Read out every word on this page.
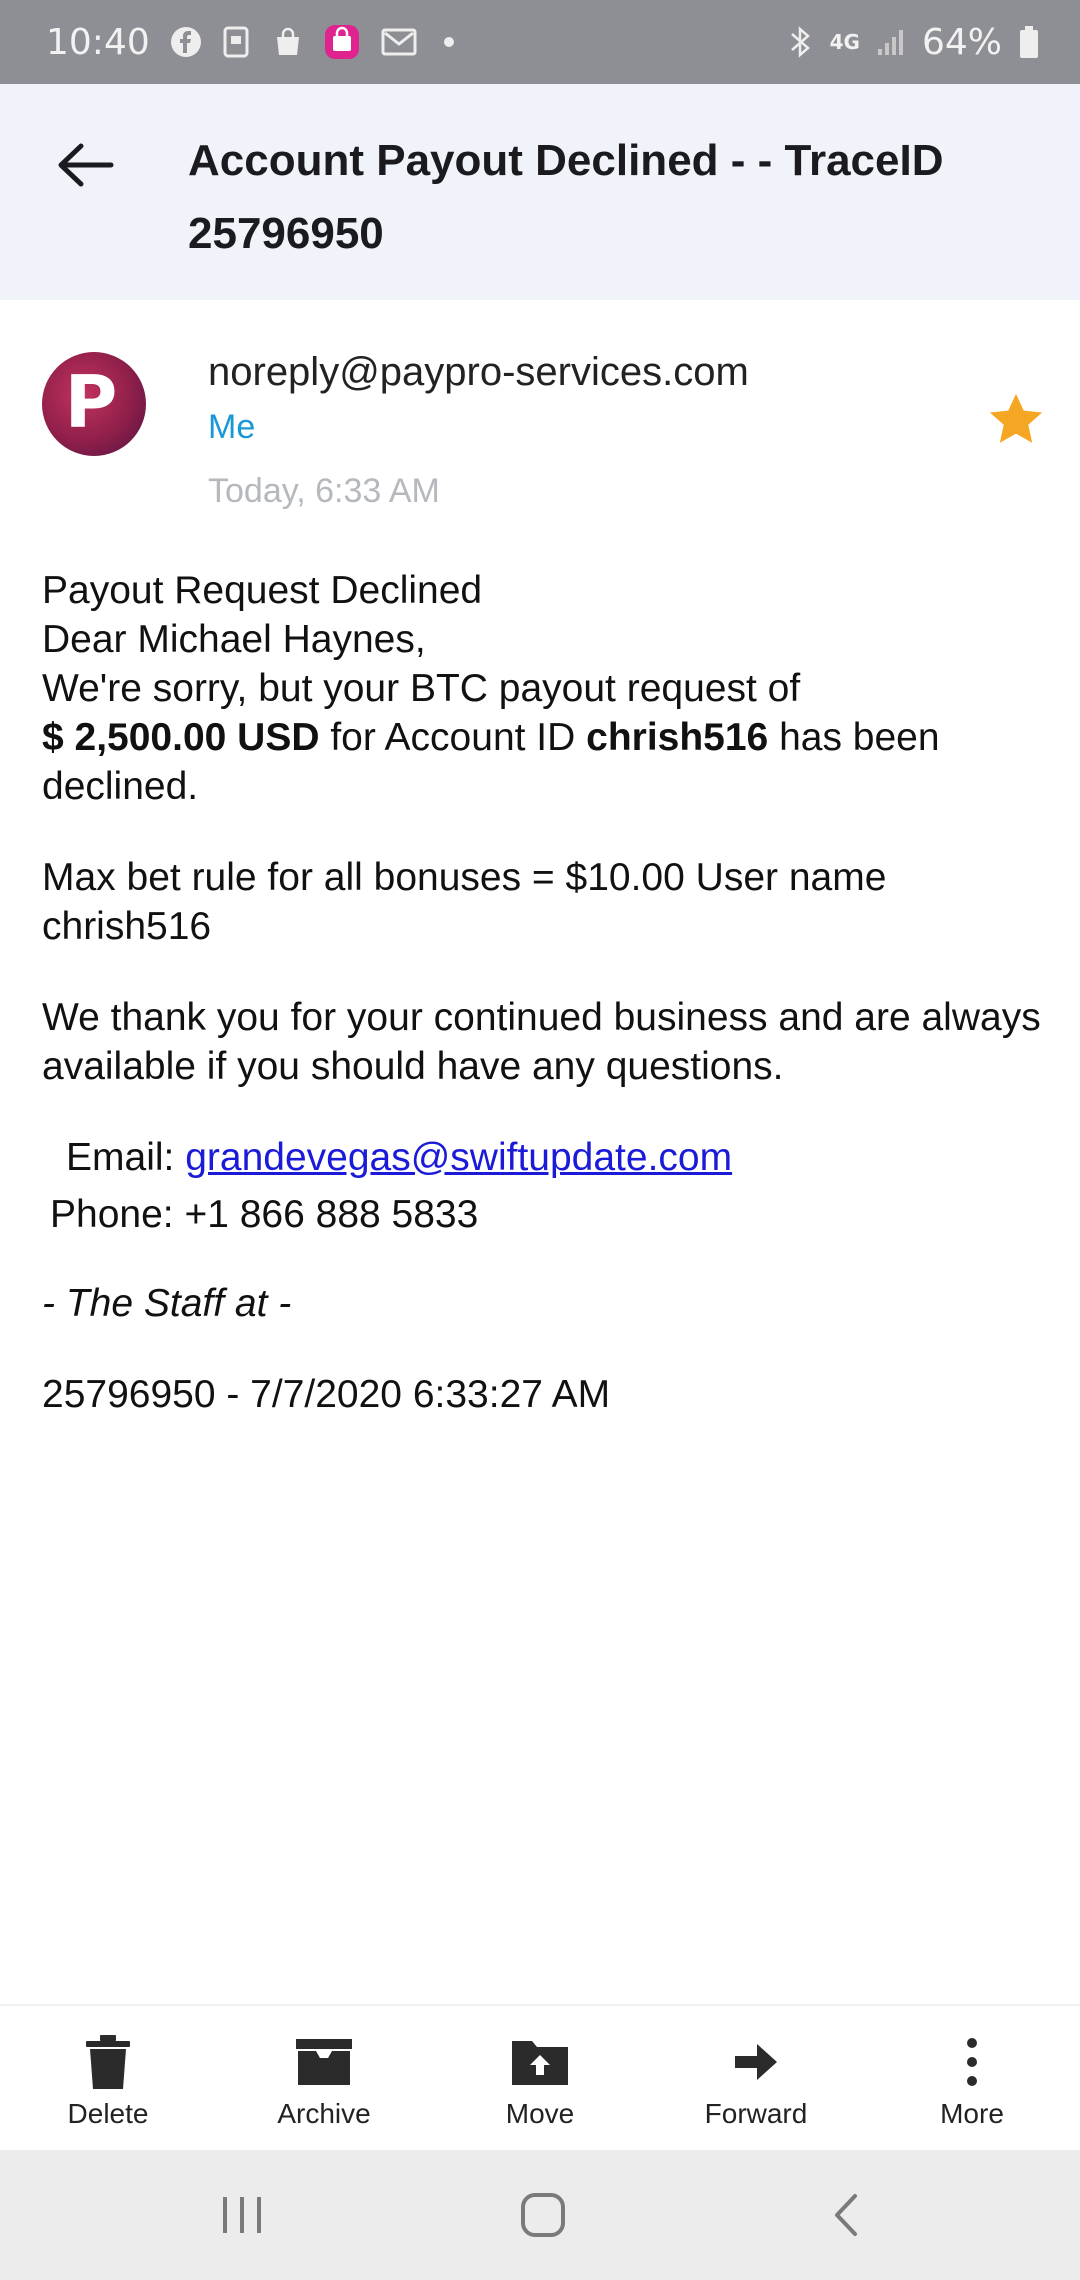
10:40	4G 64%
Account Payout Declined - - TraceID 25796950
P noreply@paypro-services.com
Me
Today, 6:33 AM
Payout Request Declined
Dear Michael Haynes,
We're sorry, but your BTC payout request of
$ 2,500.00 USD for Account ID chrish516 has been declined.
Max bet rule for all bonuses = $10.00 User name chrish516
We thank you for your continued business and are always available if you should have any questions.
Email: grandevegas@swiftupdate.com
Phone: +1 866 888 5833
- The Staff at -
25796950 - 7/7/2020 6:33:27 AM
Delete	Archive	Move	Forward	More
